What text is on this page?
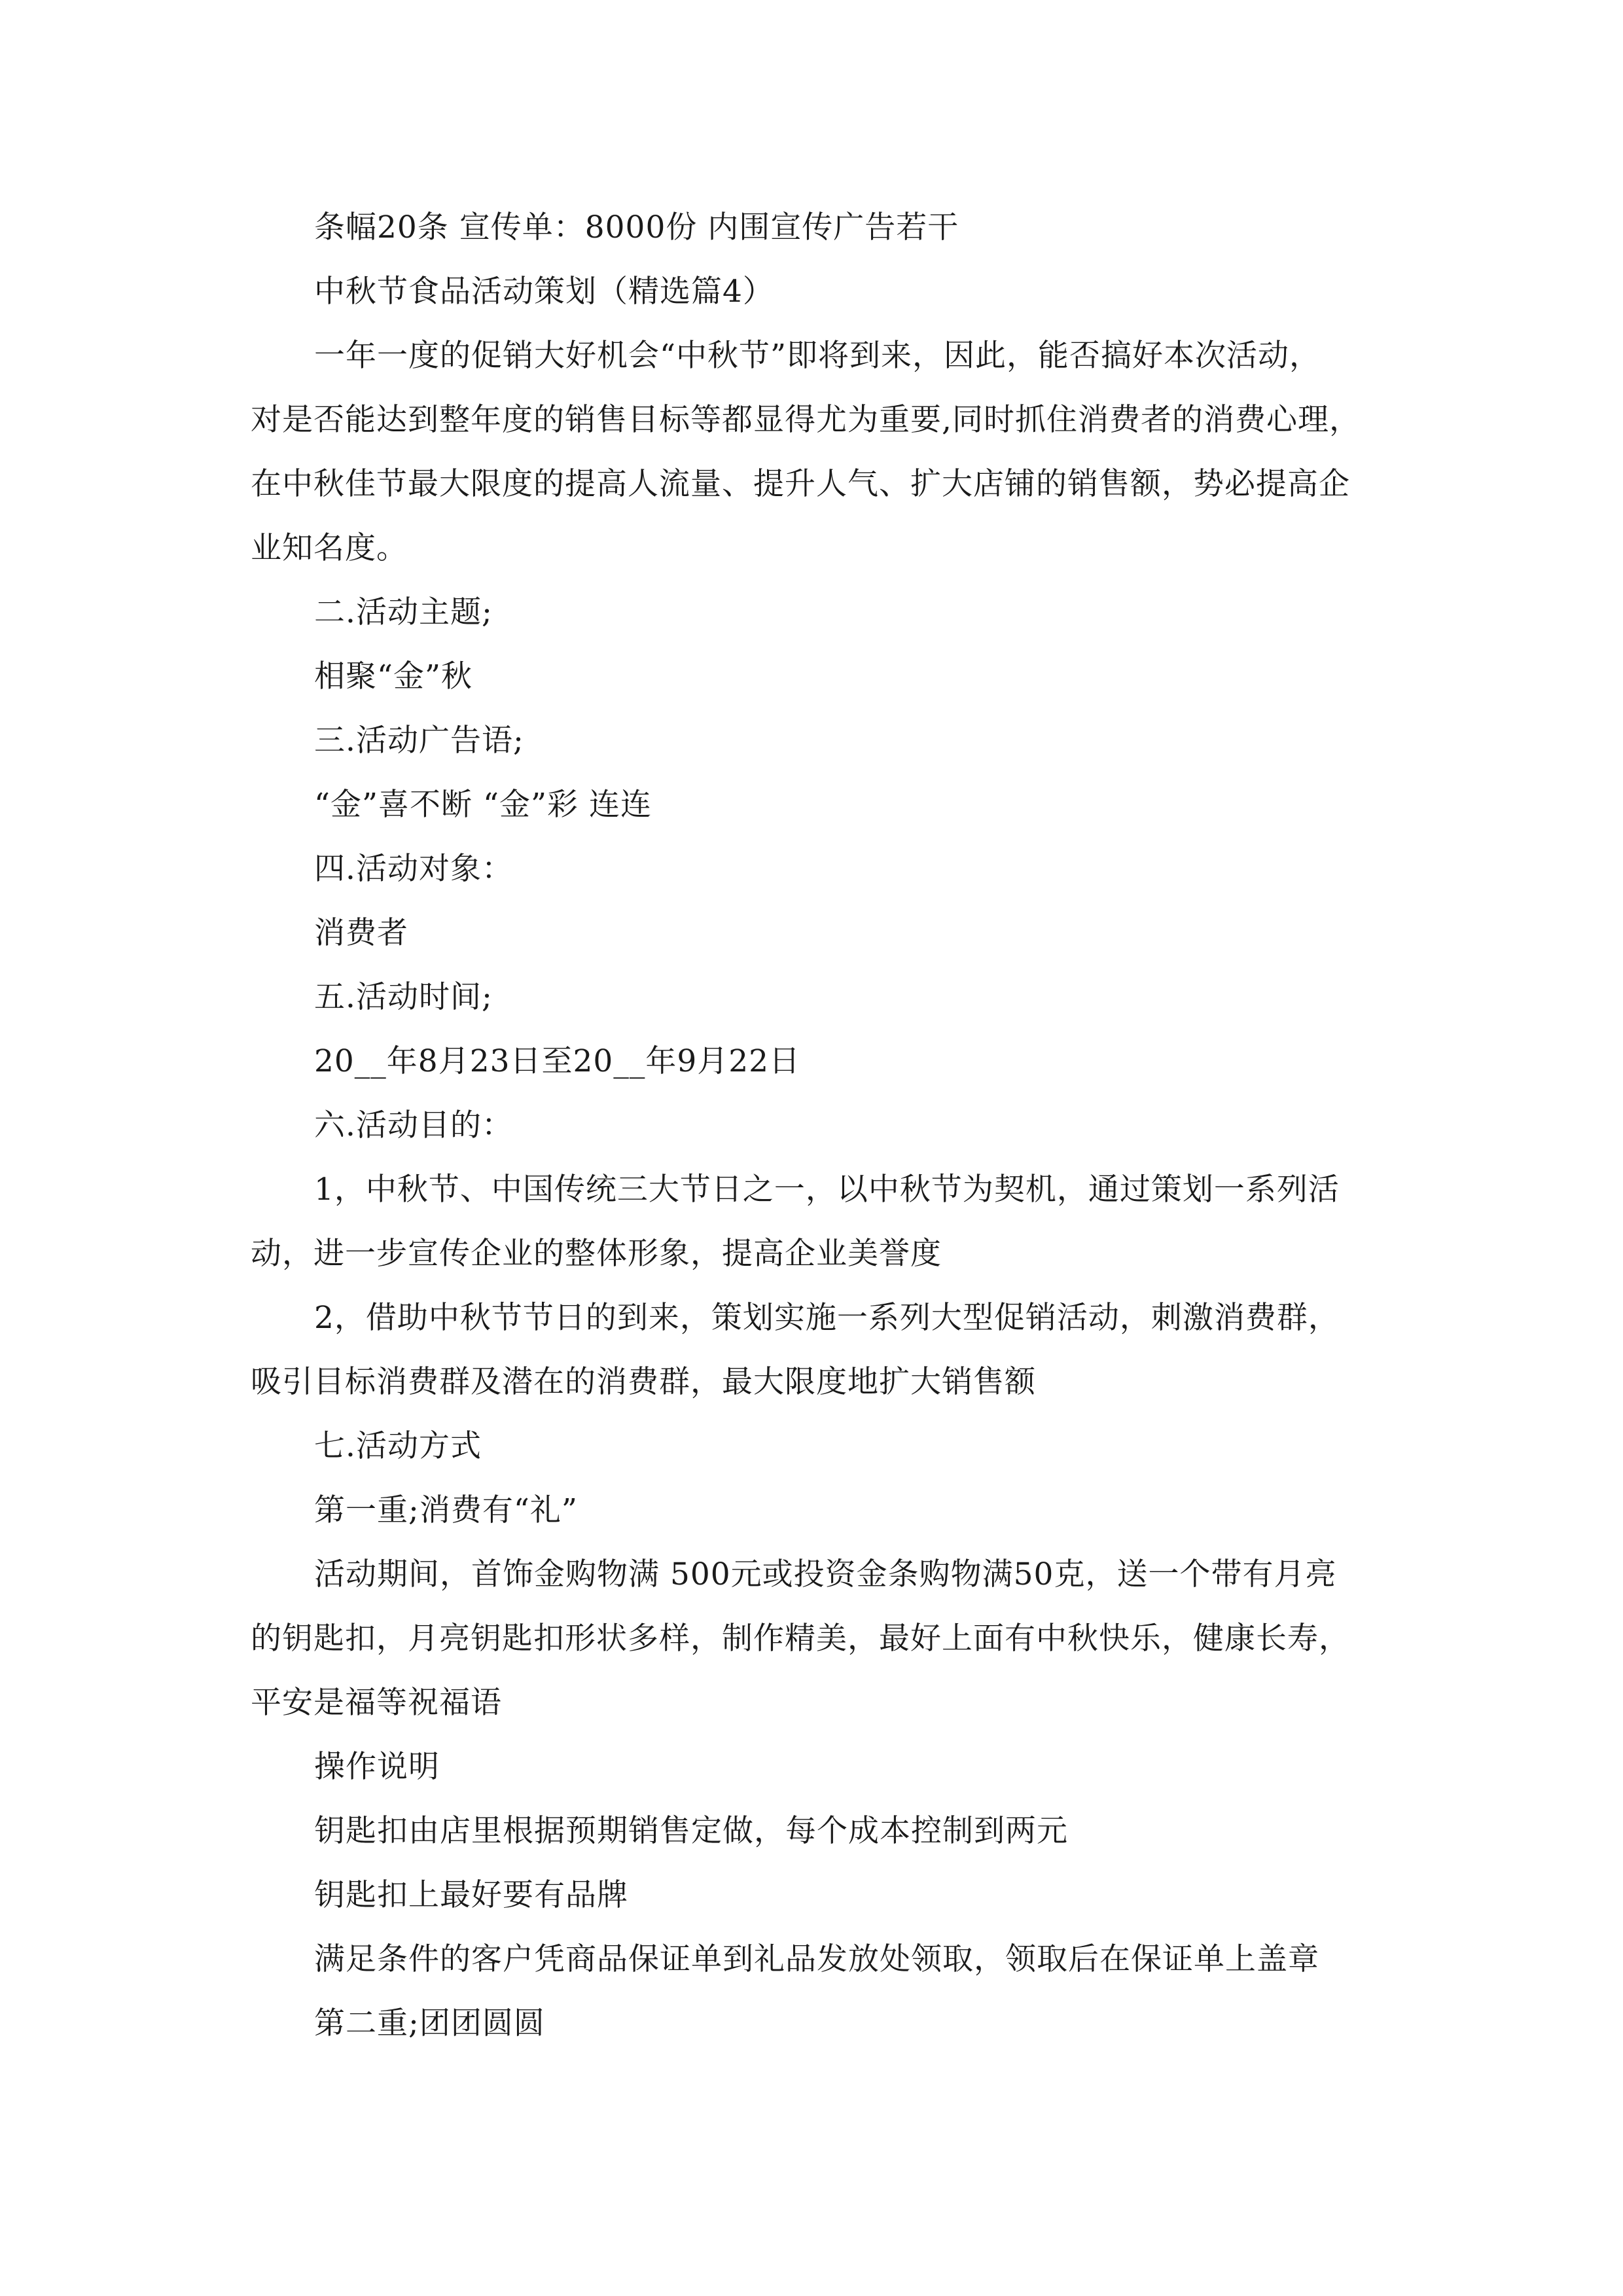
条幅20条 宣传单：8000份 内围宣传广告若干
中秋节食品活动策划（精选篇4）
一年一度的促销大好机会“中秋节”即将到来，因此，能否搞好本次活动，
对是否能达到整年度的销售目标等都显得尤为重要,同时抓住消费者的消费心理，
在中秋佳节最大限度的提高人流量、提升人气、扩大店铺的销售额，势必提高企
业知名度。
二.活动主题;
相聚“金”秋
三.活动广告语;
“金”喜不断 “金”彩 连连
四.活动对象：
消费者
五.活动时间;
20__年8月23日至20__年9月22日
六.活动目的：
1，中秋节、中国传统三大节日之一，以中秋节为契机，通过策划一系列活
动，进一步宣传企业的整体形象，提高企业美誉度
2，借助中秋节节日的到来，策划实施一系列大型促销活动，刺激消费群，
吸引目标消费群及潜在的消费群，最大限度地扩大销售额
七.活动方式
第一重;消费有“礼”
活动期间，首饰金购物满 500元或投资金条购物满50克，送一个带有月亮
的钥匙扣，月亮钥匙扣形状多样，制作精美，最好上面有中秋快乐，健康长寿，
平安是福等祝福语
操作说明
钥匙扣由店里根据预期销售定做，每个成本控制到两元
钥匙扣上最好要有品牌
满足条件的客户凭商品保证单到礼品发放处领取，领取后在保证单上盖章
第二重;团团圆圆
